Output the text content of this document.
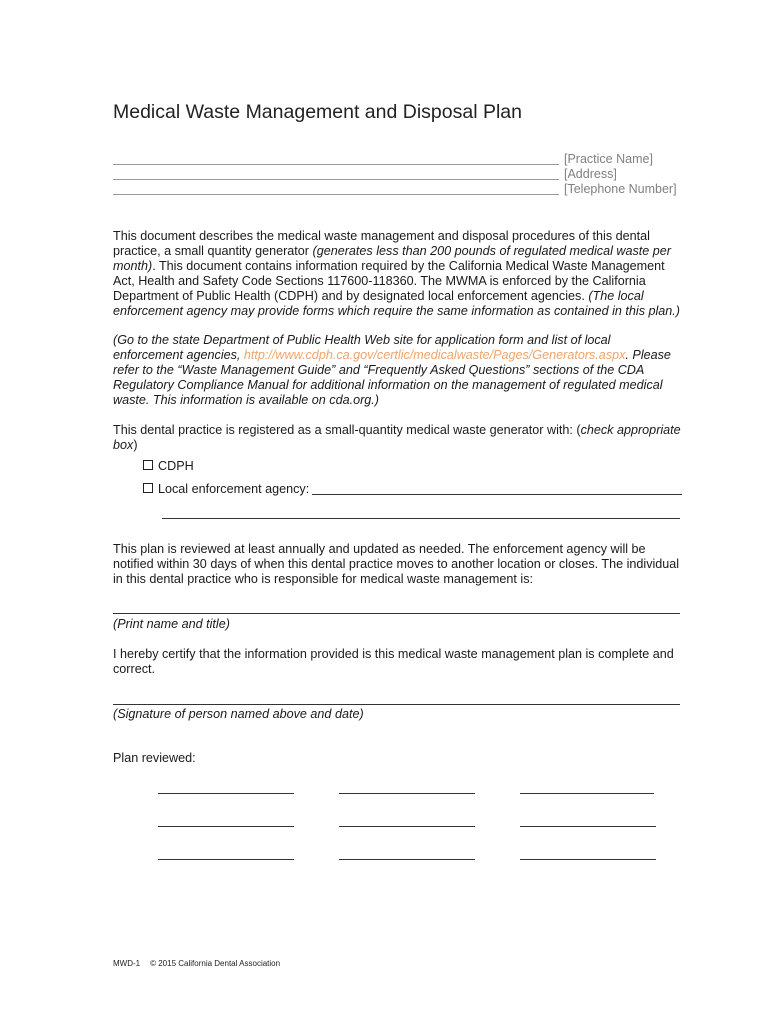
Medical Waste Management and Disposal Plan
[Practice Name]
[Address]
[Telephone Number]
This document describes the medical waste management and disposal procedures of this dental practice, a small quantity generator (generates less than 200 pounds of regulated medical waste per month). This document contains information required by the California Medical Waste Management Act, Health and Safety Code Sections 117600-118360. The MWMA is enforced by the California Department of Public Health (CDPH) and by designated local enforcement agencies. (The local enforcement agency may provide forms which require the same information as contained in this plan.)
(Go to the state Department of Public Health Web site for application form and list of local enforcement agencies, http://www.cdph.ca.gov/certlic/medicalwaste/Pages/Generators.aspx. Please refer to the “Waste Management Guide” and “Frequently Asked Questions” sections of the CDA Regulatory Compliance Manual for additional information on the management of regulated medical waste. This information is available on cda.org.)
This dental practice is registered as a small-quantity medical waste generator with: (check appropriate box)
CDPH
Local enforcement agency:
This plan is reviewed at least annually and updated as needed. The enforcement agency will be notified within 30 days of when this dental practice moves to another location or closes. The individual in this dental practice who is responsible for medical waste management is:
(Print name and title)
I hereby certify that the information provided is this medical waste management plan is complete and correct.
(Signature of person named above and date)
Plan reviewed:
MWD-1 © 2015 California Dental Association
